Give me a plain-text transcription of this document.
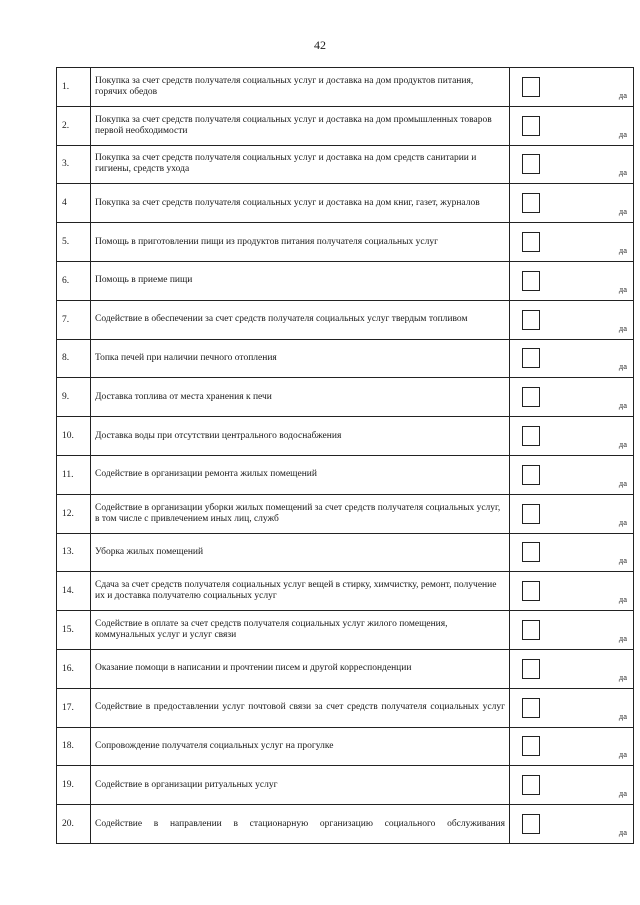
42
1.	Покупка за счет средств получателя социальных услуг и доставка на дом продуктов питания, горячих обедов	да

2.	Покупка за счет средств получателя социальных услуг и доставка на дом промышленных товаров первой необходимости	да

3.	Покупка за счет средств получателя социальных услуг и доставка на дом средств санитарии и гигиены, средств ухода	да

4	Покупка за счет средств получателя социальных услуг и доставка на дом книг, газет, журналов	да

5.	Помощь в приготовлении пищи из продуктов питания получателя социальных услуг	да

6.	Помощь в приеме пищи	да

7.	Содействие в обеспечении за счет средств получателя социальных услуг твердым топливом	да

8.	Топка печей при наличии печного отопления	да

9.	Доставка топлива от места хранения к печи	да

10.	Доставка воды при отсутствии центрального водоснабжения	да

11.	Содействие в организации ремонта жилых помещений	да

12.	Содействие в организации уборки жилых помещений за счет средств получателя социальных услуг, в том числе с привлечением иных лиц, служб	да

13.	Уборка жилых помещений	да

14.	Сдача за счет средств получателя социальных услуг вещей в стирку, химчистку, ремонт, получение их и доставка получателю социальных услуг	да

15.	Содействие в оплате за счет средств получателя социальных услуг жилого помещения, коммунальных услуг и услуг связи	да

16.	Оказание помощи в написании и прочтении писем и другой корреспонденции	да

17.	Содействие в предоставлении услуг почтовой связи за счет средств получателя социальных услуг	да

18.	Сопровождение получателя социальных услуг на прогулке	да

19.	Содействие в организации ритуальных услуг	да

20.	Содействие в направлении в стационарную организацию социального обслуживания	да
